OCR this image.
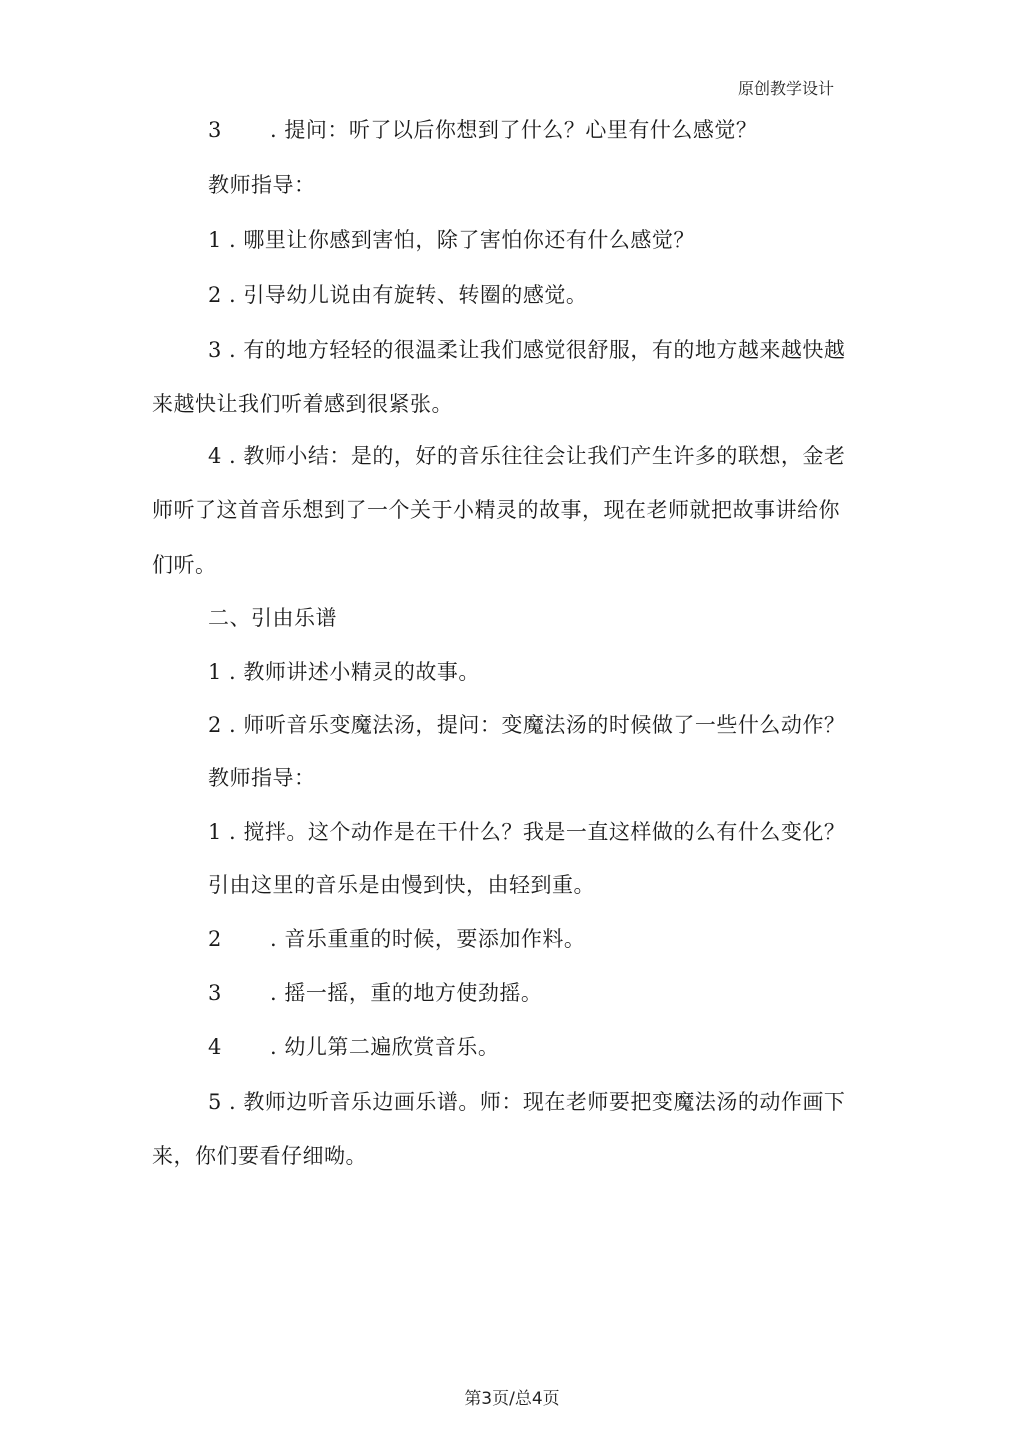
原创教学设计
3 . 提问：听了以后你想到了什么？心里有什么感觉？
教师指导：
1 . 哪里让你感到害怕，除了害怕你还有什么感觉？
2 . 引导幼儿说由有旋转、转圈的感觉。
3 . 有的地方轻轻的很温柔让我们感觉很舒服，有的地方越来越快越
来越快让我们听着感到很紧张。
4 . 教师小结：是的，好的音乐往往会让我们产生许多的联想，金老
师听了这首音乐想到了一个关于小精灵的故事，现在老师就把故事讲给你
们听。
二、引由乐谱
1 . 教师讲述小精灵的故事。
2 . 师听音乐变魔法汤，提问：变魔法汤的时候做了一些什么动作？
教师指导：
1 . 搅拌。这个动作是在干什么？我是一直这样做的么有什么变化？
引由这里的音乐是由慢到快，由轻到重。
2 . 音乐重重的时候，要添加作料。
3 . 摇一摇，重的地方使劲摇。
4 . 幼儿第二遍欣赏音乐。
5 . 教师边听音乐边画乐谱。师：现在老师要把变魔法汤的动作画下
来，你们要看仔细呦。
第3页/总4页
